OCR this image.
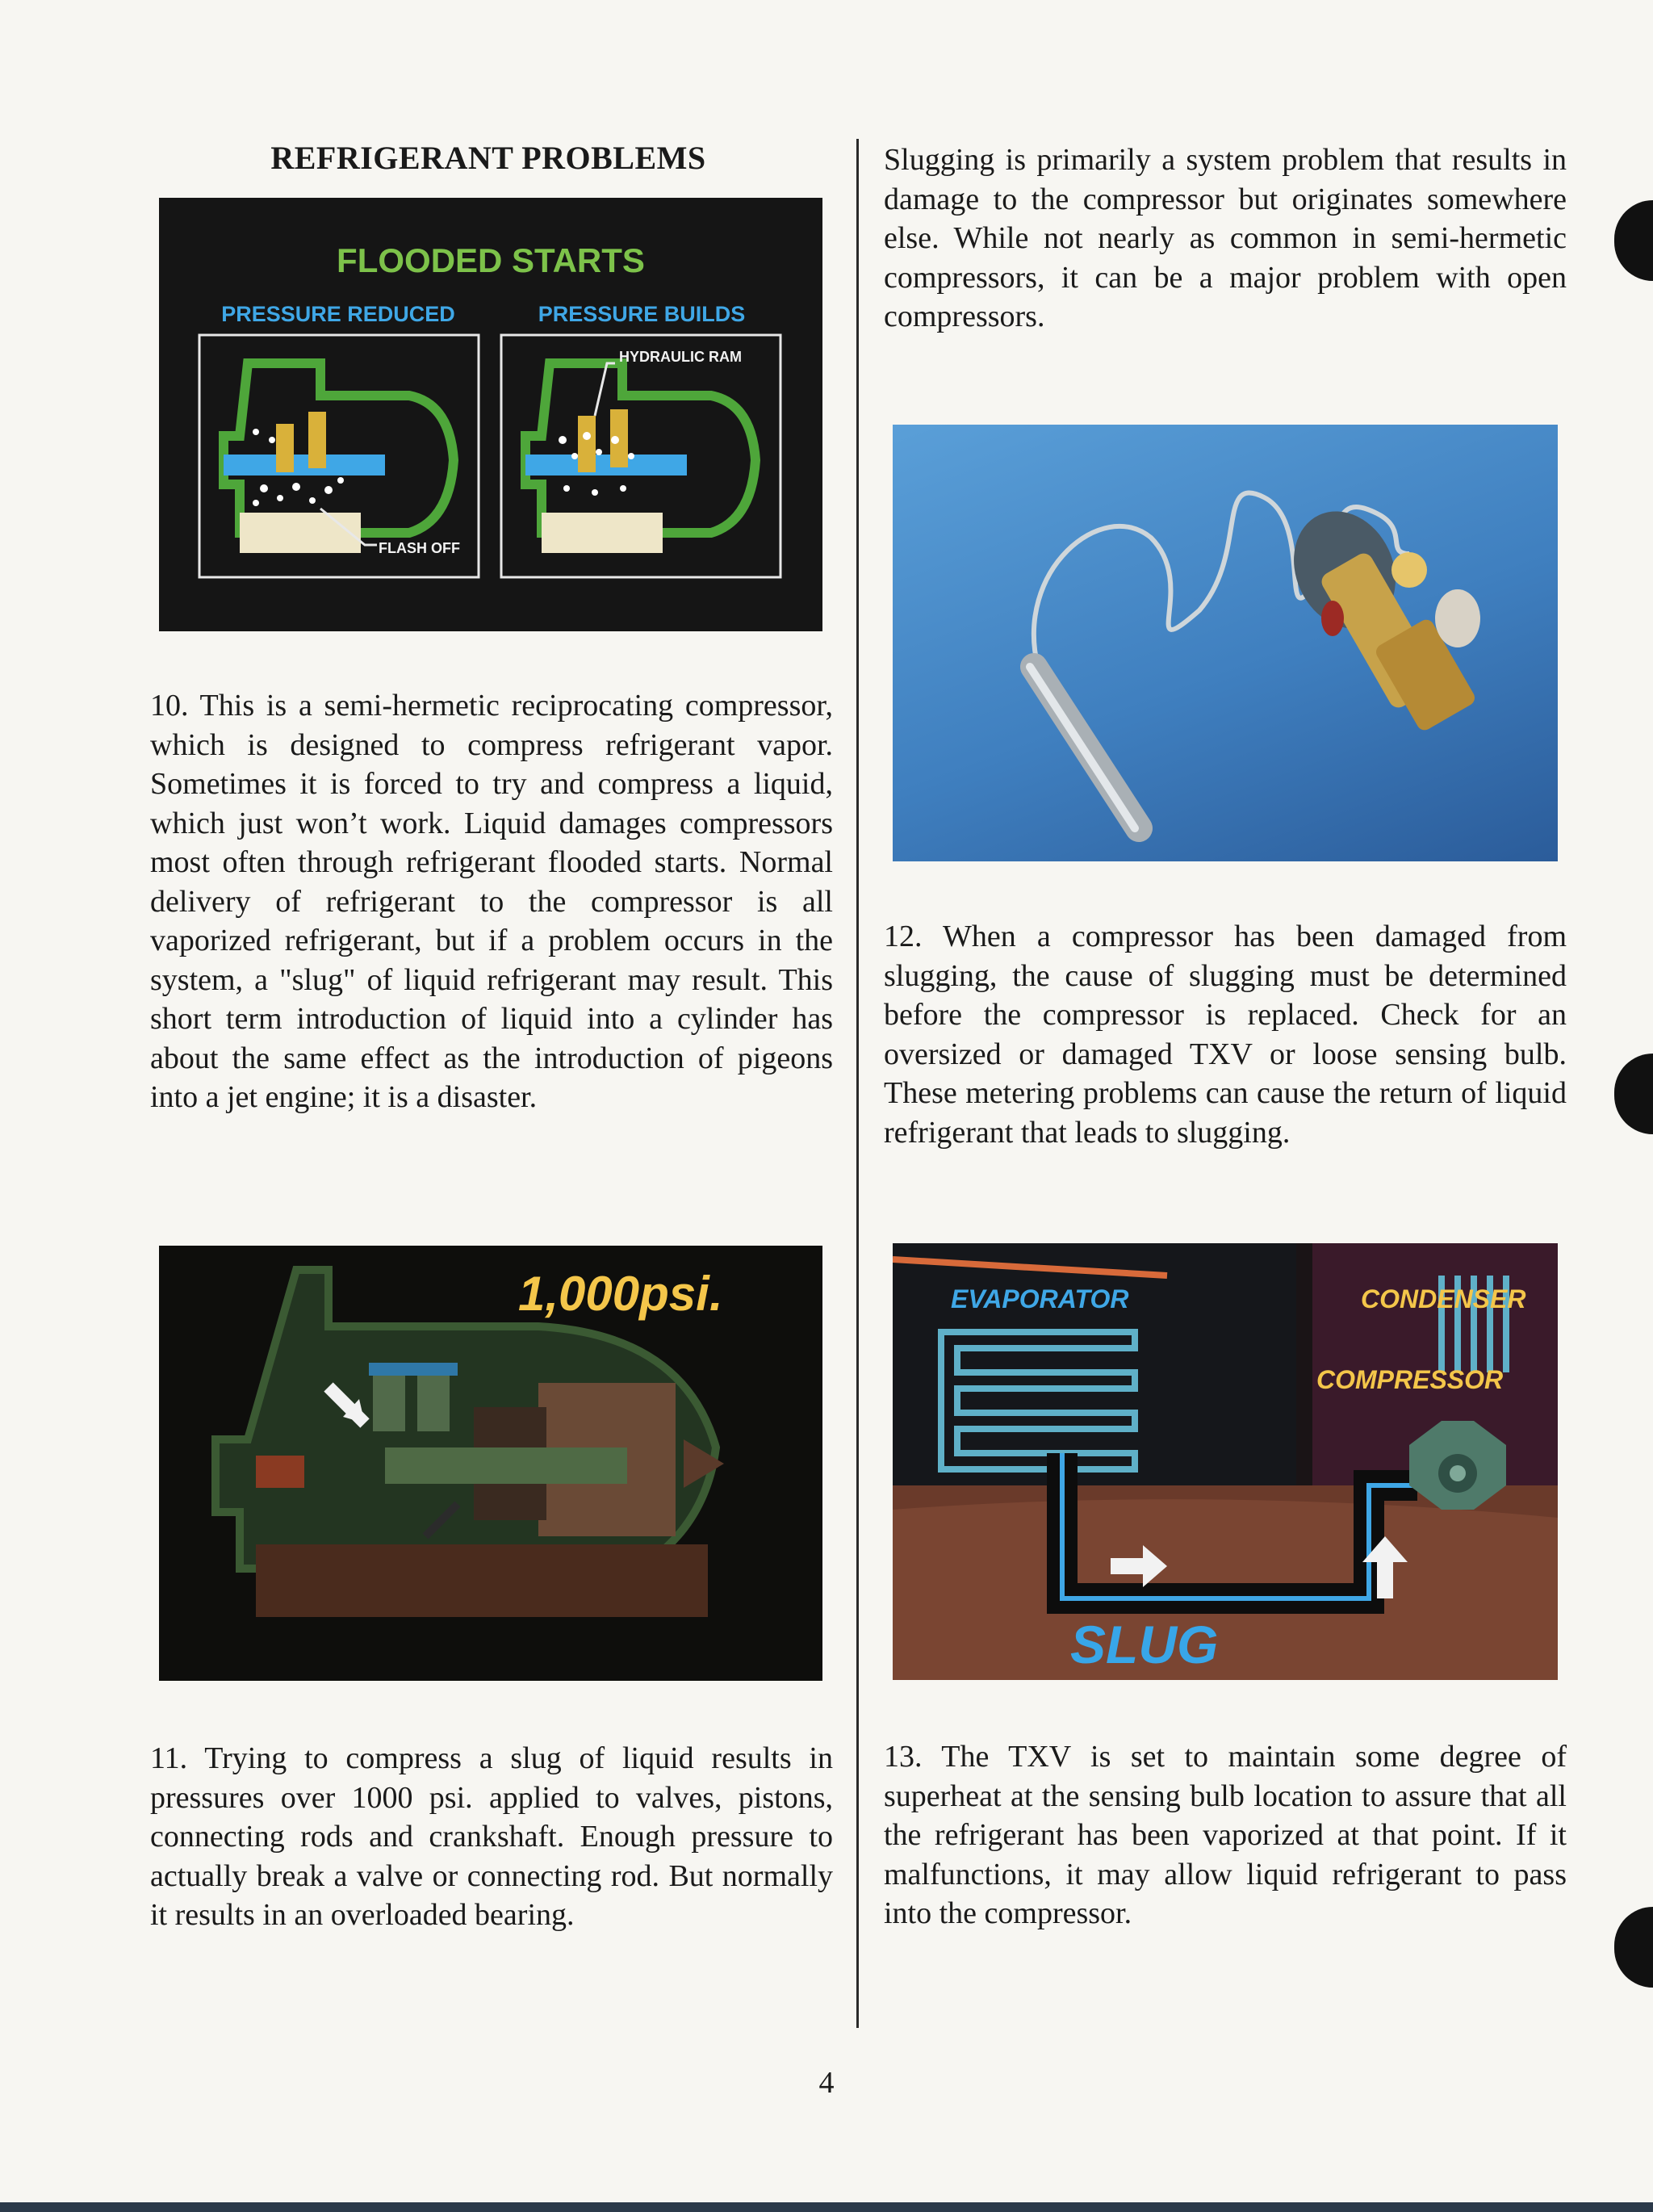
REFRIGERANT PROBLEMS
FLOODED STARTS
PRESSURE REDUCED	PRESSURE BUILDS
FLASH OFF
HYDRAULIC RAM
10. This is a semi-hermetic reciprocating compressor, which is designed to compress refrigerant vapor. Sometimes it is forced to try and compress a liquid, which just won’t work. Liquid damages compressors most often through refrigerant flooded starts. Normal delivery of refrigerant to the compressor is all vaporized refrigerant, but if a problem occurs in the system, a "slug" of liquid refrigerant may result. This short term introduction of liquid into a cylinder has about the same effect as the introduction of pigeons into a jet engine; it is a disaster.
1,000psi.
11. Trying to compress a slug of liquid results in pressures over 1000 psi. applied to valves, pistons, connecting rods and crankshaft. Enough pressure to actually break a valve or connecting rod. But normally it results in an overloaded bearing.
Slugging is primarily a system problem that results in damage to the compressor but originates somewhere else. While not nearly as common in semi-hermetic compressors, it can be a major problem with open compressors.
12. When a compressor has been damaged from slugging, the cause of slugging must be determined before the compressor is replaced. Check for an oversized or damaged TXV or loose sensing bulb. These metering problems can cause the return of liquid refrigerant that leads to slugging.
EVAPORATOR	CONDENSER
COMPRESSOR
SLUG
13. The TXV is set to maintain some degree of superheat at the sensing bulb location to assure that all the refrigerant has been vaporized at that point. If it malfunctions, it may allow liquid refrigerant to pass into the compressor.
4
